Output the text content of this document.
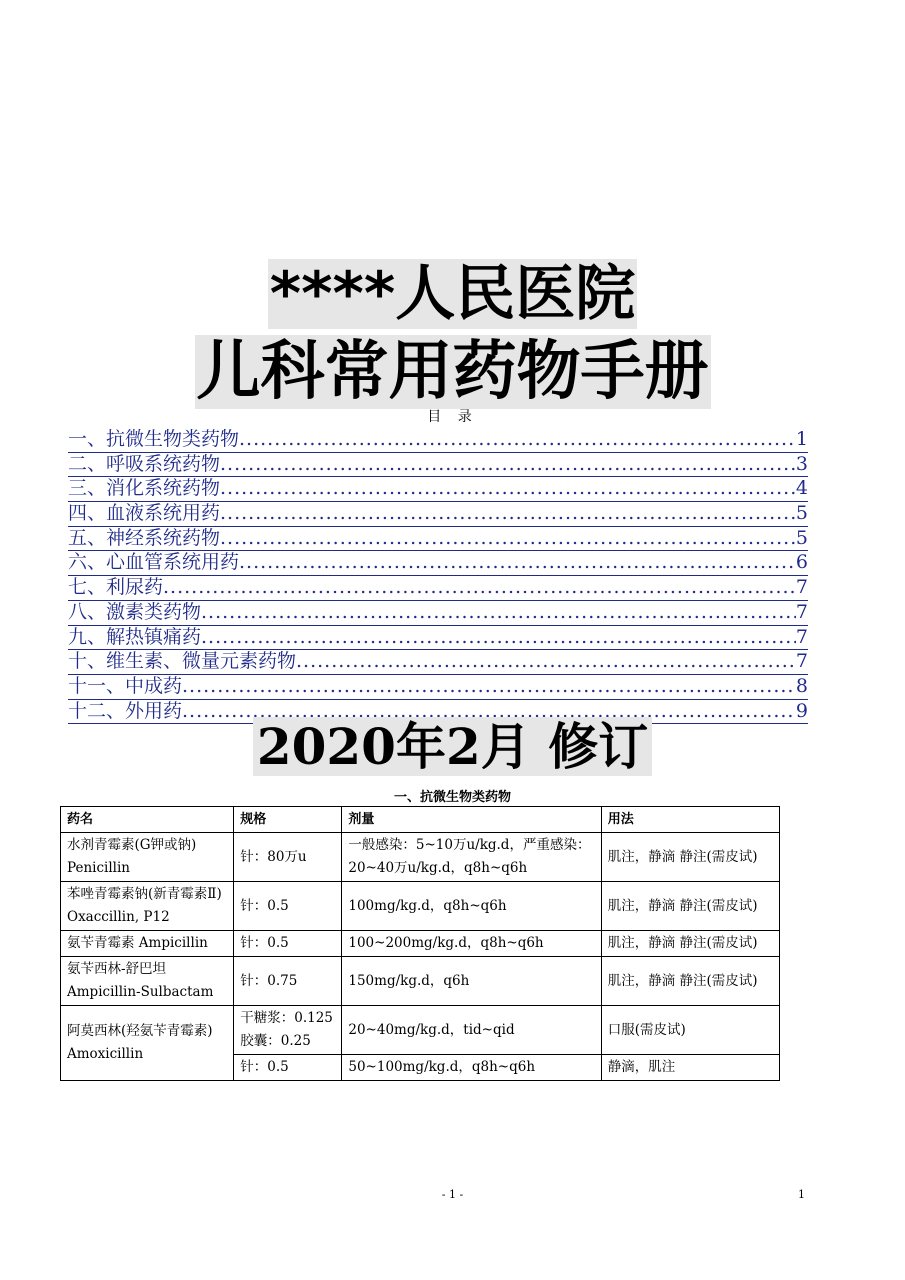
****人民医院
儿科常用药物手册
目 录
一、抗微生物类药物 .....	1
二、呼吸系统药物 .....	3
三、消化系统药物 .....	4
四、血液系统用药 .....	5
五、神经系统药物 .....	5
六、心血管系统用药 .....	6
七、利尿药 .....	7
八、激素类药物 .....	7
九、解热镇痛药 .....	7
十、维生素、微量元素药物 .....	7
十一、中成药 .....	8
十二、外用药 .....	9
2020年2月 修订
一、抗微生物类药物
药名	规格	剂量	用法
水剂青霉素(G钾或钠) Penicillin	针：80万u	一般感染：5~10万u/kg.d，严重感染：20~40万u/kg.d，q8h~q6h	肌注，静滴 静注(需皮试)
苯唑青霉素钠(新青霉素Ⅱ) Oxaccillin, P12	针：0.5	100mg/kg.d，q8h~q6h	肌注，静滴 静注(需皮试)
氨苄青霉素 Ampicillin	针：0.5	100~200mg/kg.d，q8h~q6h	肌注，静滴 静注(需皮试)
氨苄西林-舒巴坦 Ampicillin-Sulbactam	针：0.75	150mg/kg.d，q6h	肌注，静滴 静注(需皮试)
阿莫西林(羟氨苄青霉素) Amoxicillin	干糖浆：0.125 胶囊：0.25	20~40mg/kg.d，tid~qid	口服(需皮试)
	针：0.5	50~100mg/kg.d，q8h~q6h	静滴，肌注
- 1 -	1
